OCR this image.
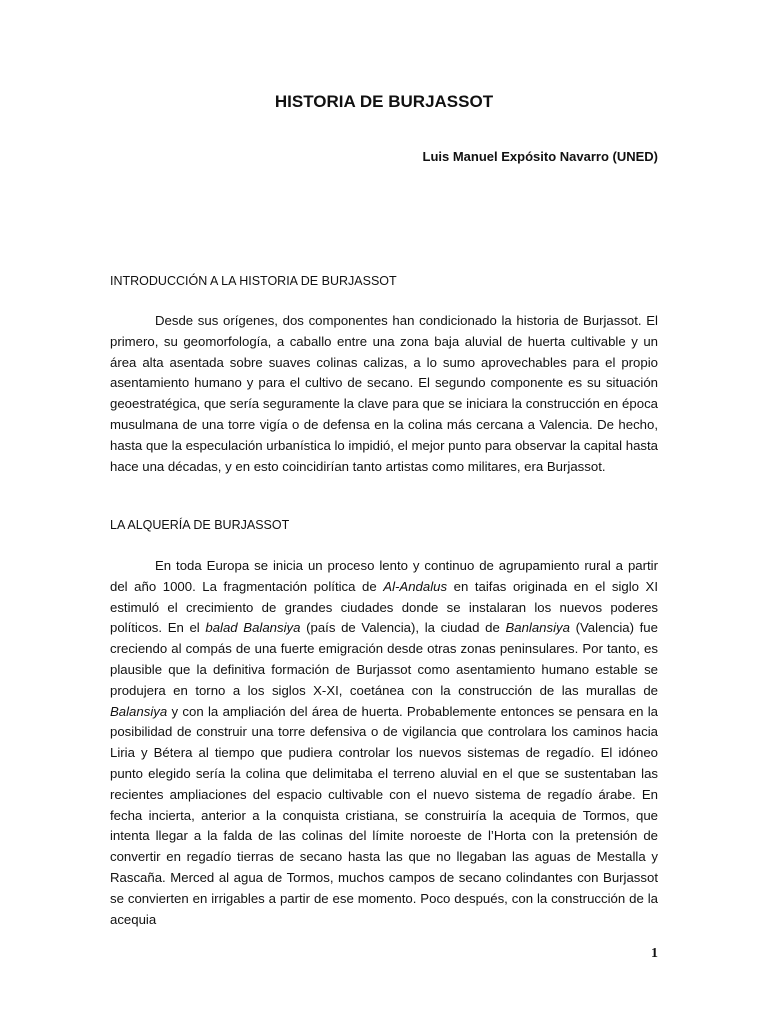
HISTORIA DE BURJASSOT
Luis Manuel Expósito Navarro (UNED)
INTRODUCCIÓN A LA HISTORIA DE BURJASSOT

Desde sus orígenes, dos componentes han condicionado la historia de Burjassot. El primero, su geomorfología, a caballo entre una zona baja aluvial de huerta cultivable y un área alta asentada sobre suaves colinas calizas, a lo sumo aprovechables para el propio asentamiento humano y para el cultivo de secano. El segundo componente es su situación geoestratégica, que sería seguramente la clave para que se iniciara la construcción en época musulmana de una torre vigía o de defensa en la colina más cercana a Valencia. De hecho, hasta que la especulación urbanística lo impidió, el mejor punto para observar la capital hasta hace una décadas, y en esto coincidirían tanto artistas como militares, era Burjassot.

LA ALQUERÍA DE BURJASSOT

En toda Europa se inicia un proceso lento y continuo de agrupamiento rural a partir del año 1000. La fragmentación política de Al-Andalus en taifas originada en el siglo XI estimuló el crecimiento de grandes ciudades donde se instalaran los nuevos poderes políticos. En el balad Balansiya (país de Valencia), la ciudad de Banlansiya (Valencia) fue creciendo al compás de una fuerte emigración desde otras zonas peninsulares. Por tanto, es plausible que la definitiva formación de Burjassot como asentamiento humano estable se produjera en torno a los siglos X-XI, coetánea con la construcción de las murallas de Balansiya y con la ampliación del área de huerta. Probablemente entonces se pensara en la posibilidad de construir una torre defensiva o de vigilancia que controlara los caminos hacia Liria y Bétera al tiempo que pudiera controlar los nuevos sistemas de regadío. El idóneo punto elegido sería la colina que delimitaba el terreno aluvial en el que se sustentaban las recientes ampliaciones del espacio cultivable con el nuevo sistema de regadío árabe. En fecha incierta, anterior a la conquista cristiana, se construiría la acequia de Tormos, que intenta llegar a la falda de las colinas del límite noroeste de l’Horta con la pretensión de convertir en regadío tierras de secano hasta las que no llegaban las aguas de Mestalla y Rascaña. Merced al agua de Tormos, muchos campos de secano colindantes con Burjassot se convierten en irrigables a partir de ese momento. Poco después, con la construcción de la acequia

1
